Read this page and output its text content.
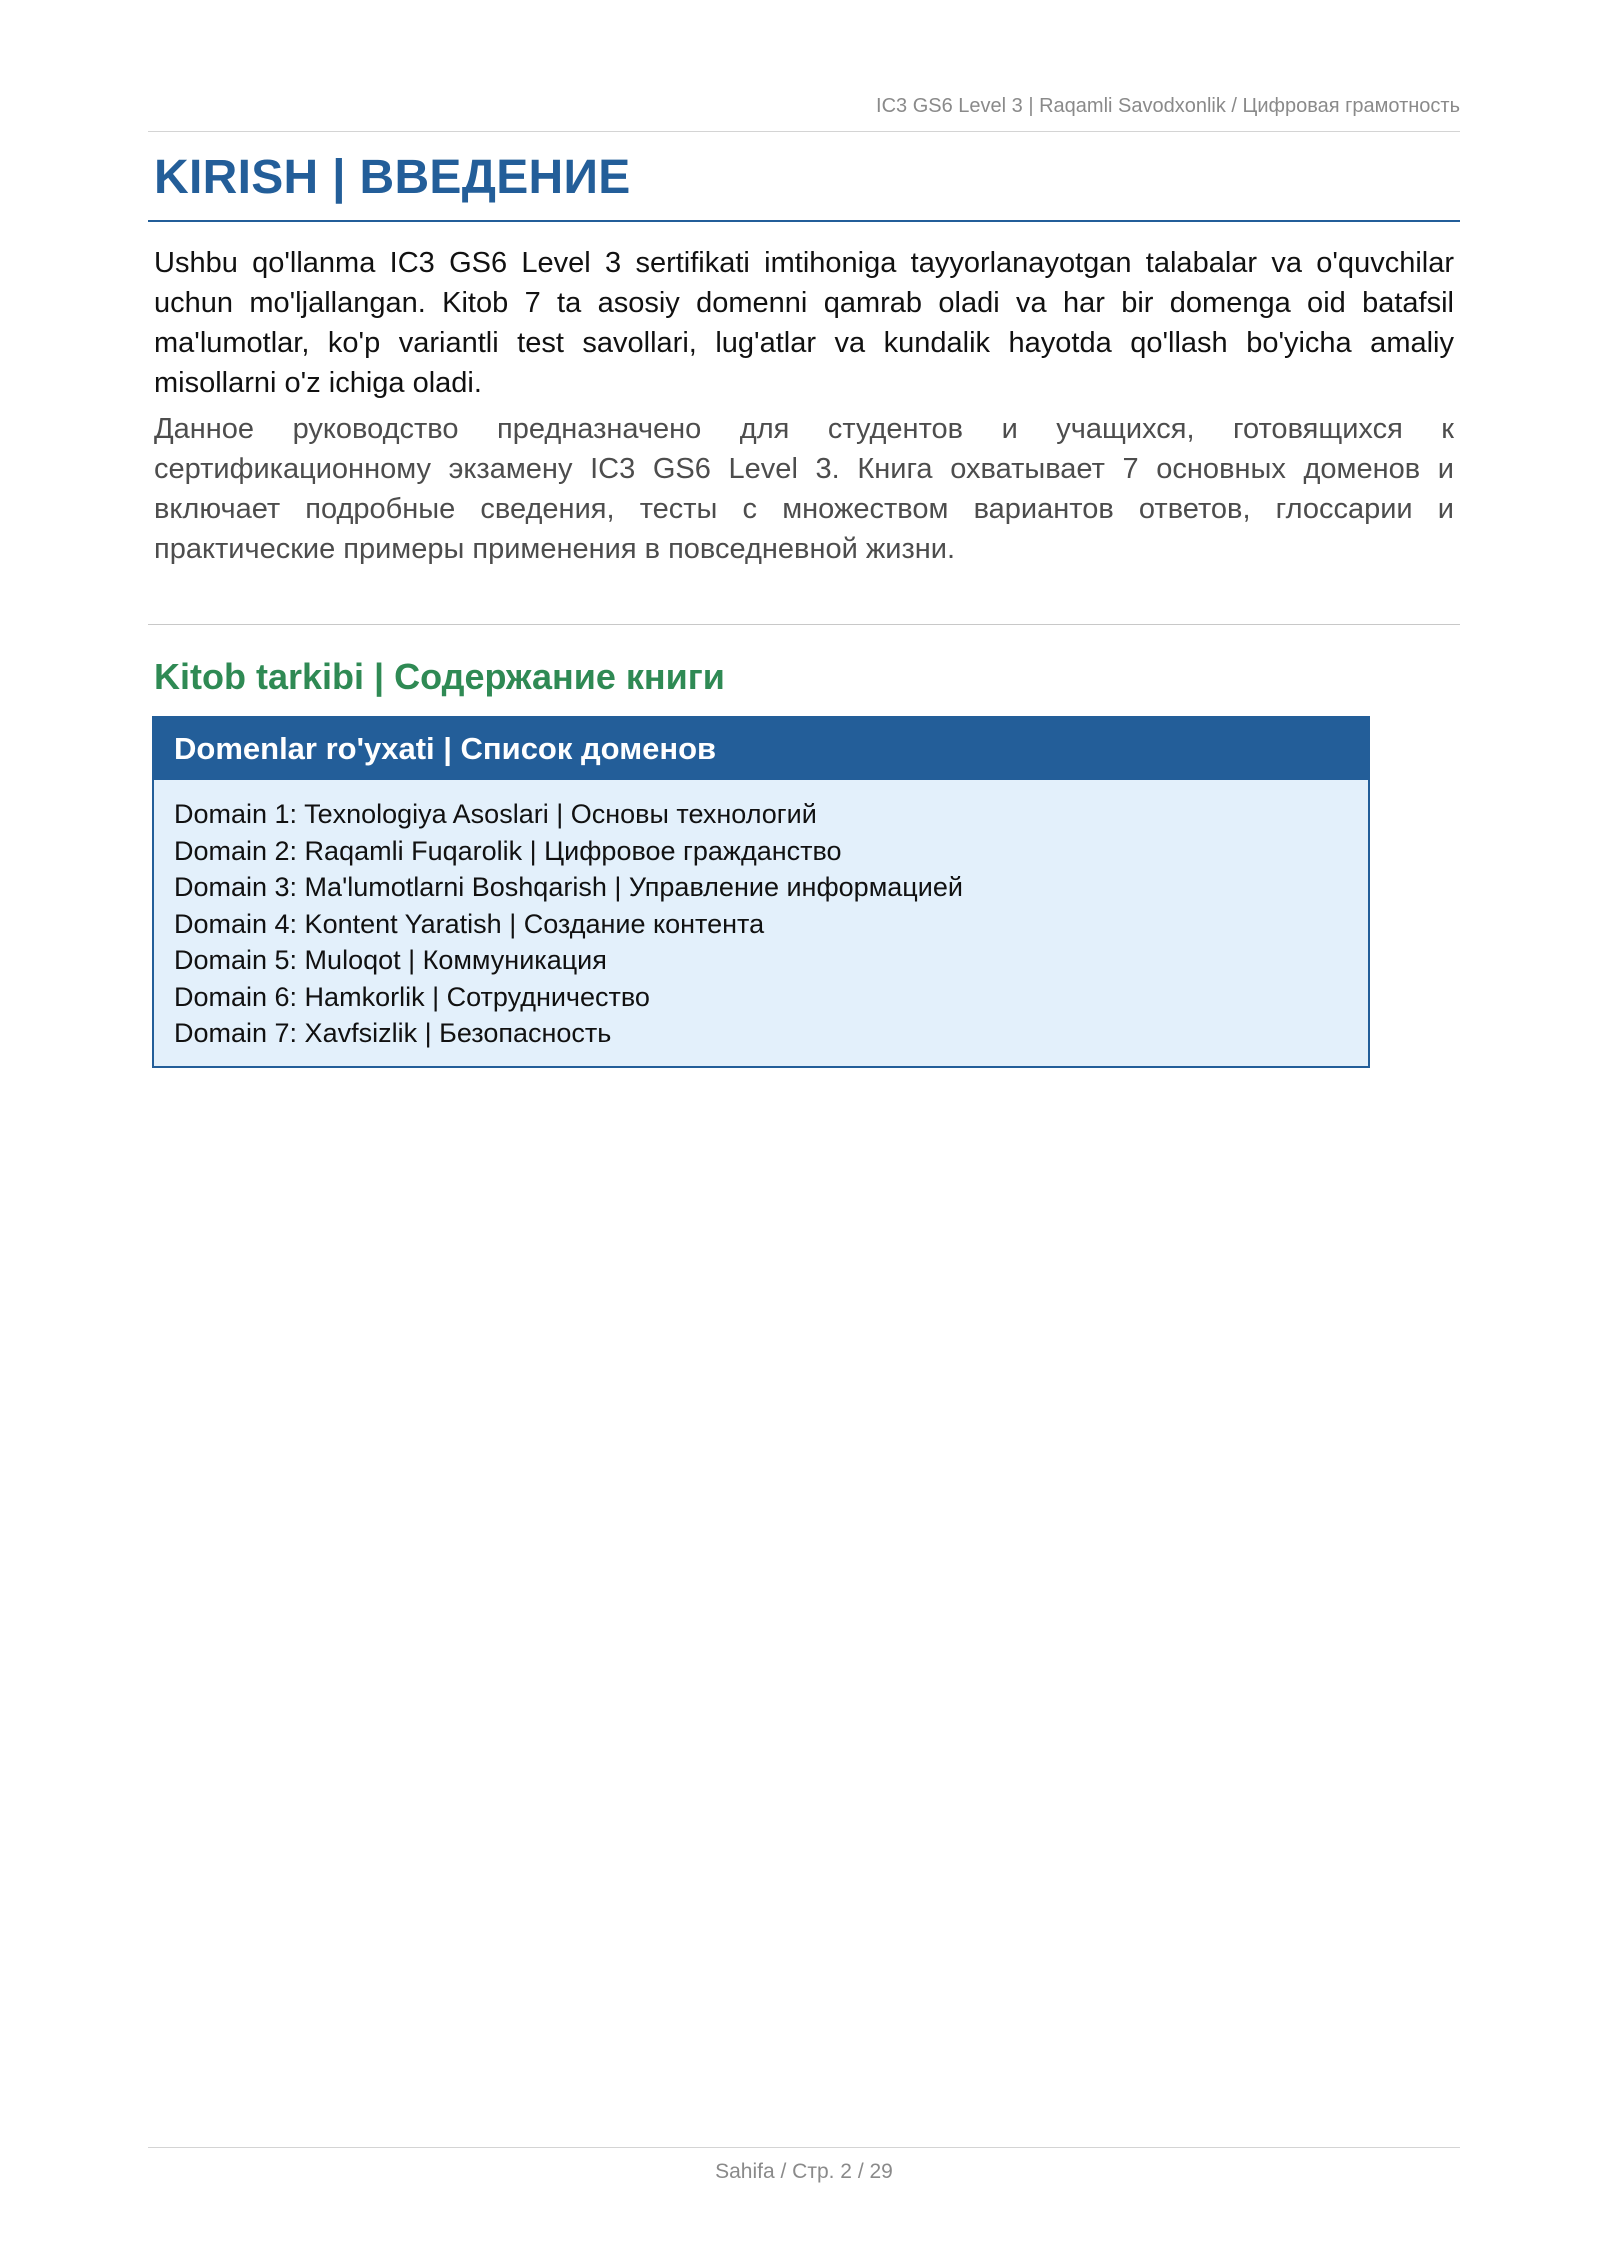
IC3 GS6 Level 3 | Raqamli Savodxonlik / Цифровая грамотность
KIRISH | ВВЕДЕНИЕ

Ushbu qo'llanma IC3 GS6 Level 3 sertifikati imtihoniga tayyorlanayotgan talabalar va o'quvchilar uchun mo'ljallangan. Kitob 7 ta asosiy domenni qamrab oladi va har bir domenga oid batafsil ma'lumotlar, ko'p variantli test savollari, lug'atlar va kundalik hayotda qo'llash bo'yicha amaliy misollarni o'z ichiga oladi.

Данное руководство предназначено для студентов и учащихся, готовящихся к сертификационному экзамену IC3 GS6 Level 3. Книга охватывает 7 основных доменов и включает подробные сведения, тесты с множеством вариантов ответов, глоссарии и практические примеры применения в повседневной жизни.

Kitob tarkibi | Содержание книги
Domenlar ro'yxati | Список доменов
Domain 1: Texnologiya Asoslari | Основы технологий
Domain 2: Raqamli Fuqarolik | Цифровое гражданство
Domain 3: Ma'lumotlarni Boshqarish | Управление информацией
Domain 4: Kontent Yaratish | Создание контента
Domain 5: Muloqot | Коммуникация
Domain 6: Hamkorlik | Сотрудничество
Domain 7: Xavfsizlik | Безопасность
Sahifa / Стр. 2 / 29
